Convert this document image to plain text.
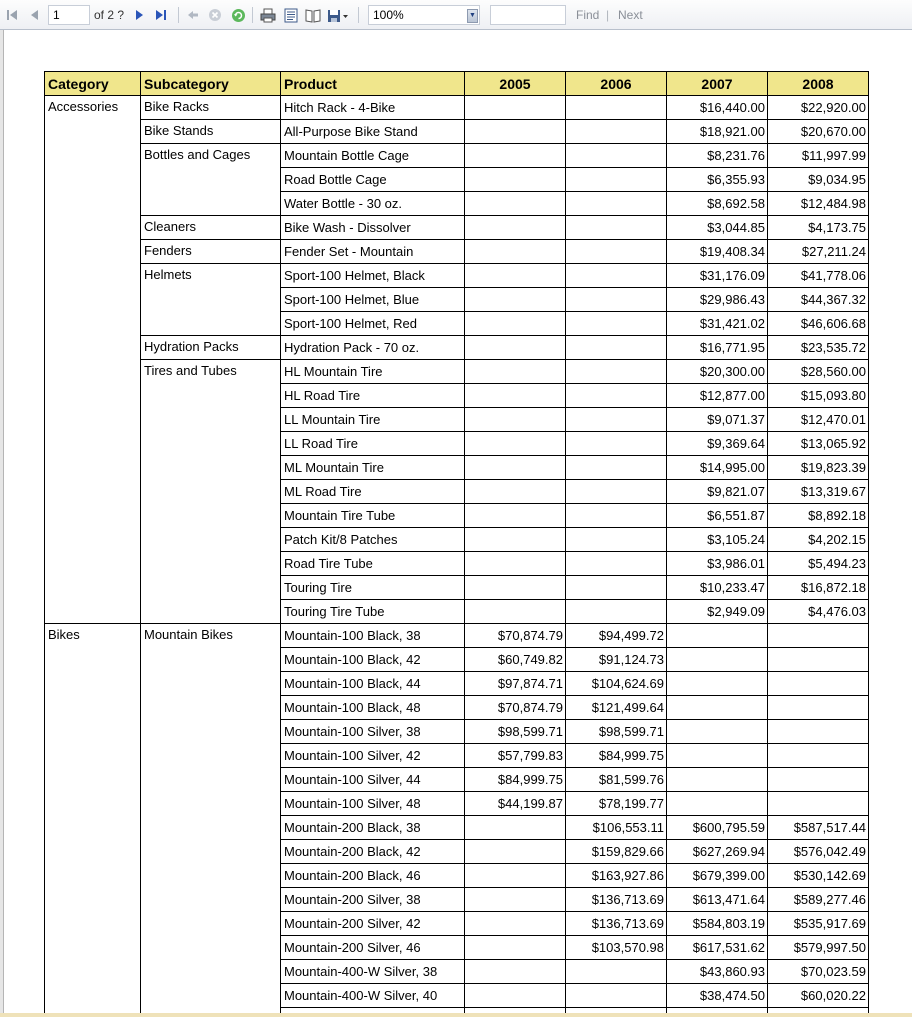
1
of 2 ?
100%	▼	Find | Next
Category	Subcategory	Product	2005	2006	2007	2008
Accessories	Bike Racks	Hitch Rack - 4-Bike			$16,440.00	$22,920.00
	Bike Stands	All-Purpose Bike Stand			$18,921.00	$20,670.00
	Bottles and Cages	Mountain Bottle Cage			$8,231.76	$11,997.99
		Road Bottle Cage			$6,355.93	$9,034.95
		Water Bottle - 30 oz.			$8,692.58	$12,484.98
	Cleaners	Bike Wash - Dissolver			$3,044.85	$4,173.75
	Fenders	Fender Set - Mountain			$19,408.34	$27,211.24
	Helmets	Sport-100 Helmet, Black			$31,176.09	$41,778.06
		Sport-100 Helmet, Blue			$29,986.43	$44,367.32
		Sport-100 Helmet, Red			$31,421.02	$46,606.68
	Hydration Packs	Hydration Pack - 70 oz.			$16,771.95	$23,535.72
	Tires and Tubes	HL Mountain Tire			$20,300.00	$28,560.00
		HL Road Tire			$12,877.00	$15,093.80
		LL Mountain Tire			$9,071.37	$12,470.01
		LL Road Tire			$9,369.64	$13,065.92
		ML Mountain Tire			$14,995.00	$19,823.39
		ML Road Tire			$9,821.07	$13,319.67
		Mountain Tire Tube			$6,551.87	$8,892.18
		Patch Kit/8 Patches			$3,105.24	$4,202.15
		Road Tire Tube			$3,986.01	$5,494.23
		Touring Tire			$10,233.47	$16,872.18
		Touring Tire Tube			$2,949.09	$4,476.03
Bikes	Mountain Bikes	Mountain-100 Black, 38	$70,874.79	$94,499.72		
		Mountain-100 Black, 42	$60,749.82	$91,124.73		
		Mountain-100 Black, 44	$97,874.71	$104,624.69		
		Mountain-100 Black, 48	$70,874.79	$121,499.64		
		Mountain-100 Silver, 38	$98,599.71	$98,599.71		
		Mountain-100 Silver, 42	$57,799.83	$84,999.75		
		Mountain-100 Silver, 44	$84,999.75	$81,599.76		
		Mountain-100 Silver, 48	$44,199.87	$78,199.77		
		Mountain-200 Black, 38		$106,553.11	$600,795.59	$587,517.44
		Mountain-200 Black, 42		$159,829.66	$627,269.94	$576,042.49
		Mountain-200 Black, 46		$163,927.86	$679,399.00	$530,142.69
		Mountain-200 Silver, 38		$136,713.69	$613,471.64	$589,277.46
		Mountain-200 Silver, 42		$136,713.69	$584,803.19	$535,917.69
		Mountain-200 Silver, 46		$103,570.98	$617,531.62	$579,997.50
		Mountain-400-W Silver, 38			$43,860.93	$70,023.59
		Mountain-400-W Silver, 40			$38,474.50	$60,020.22
